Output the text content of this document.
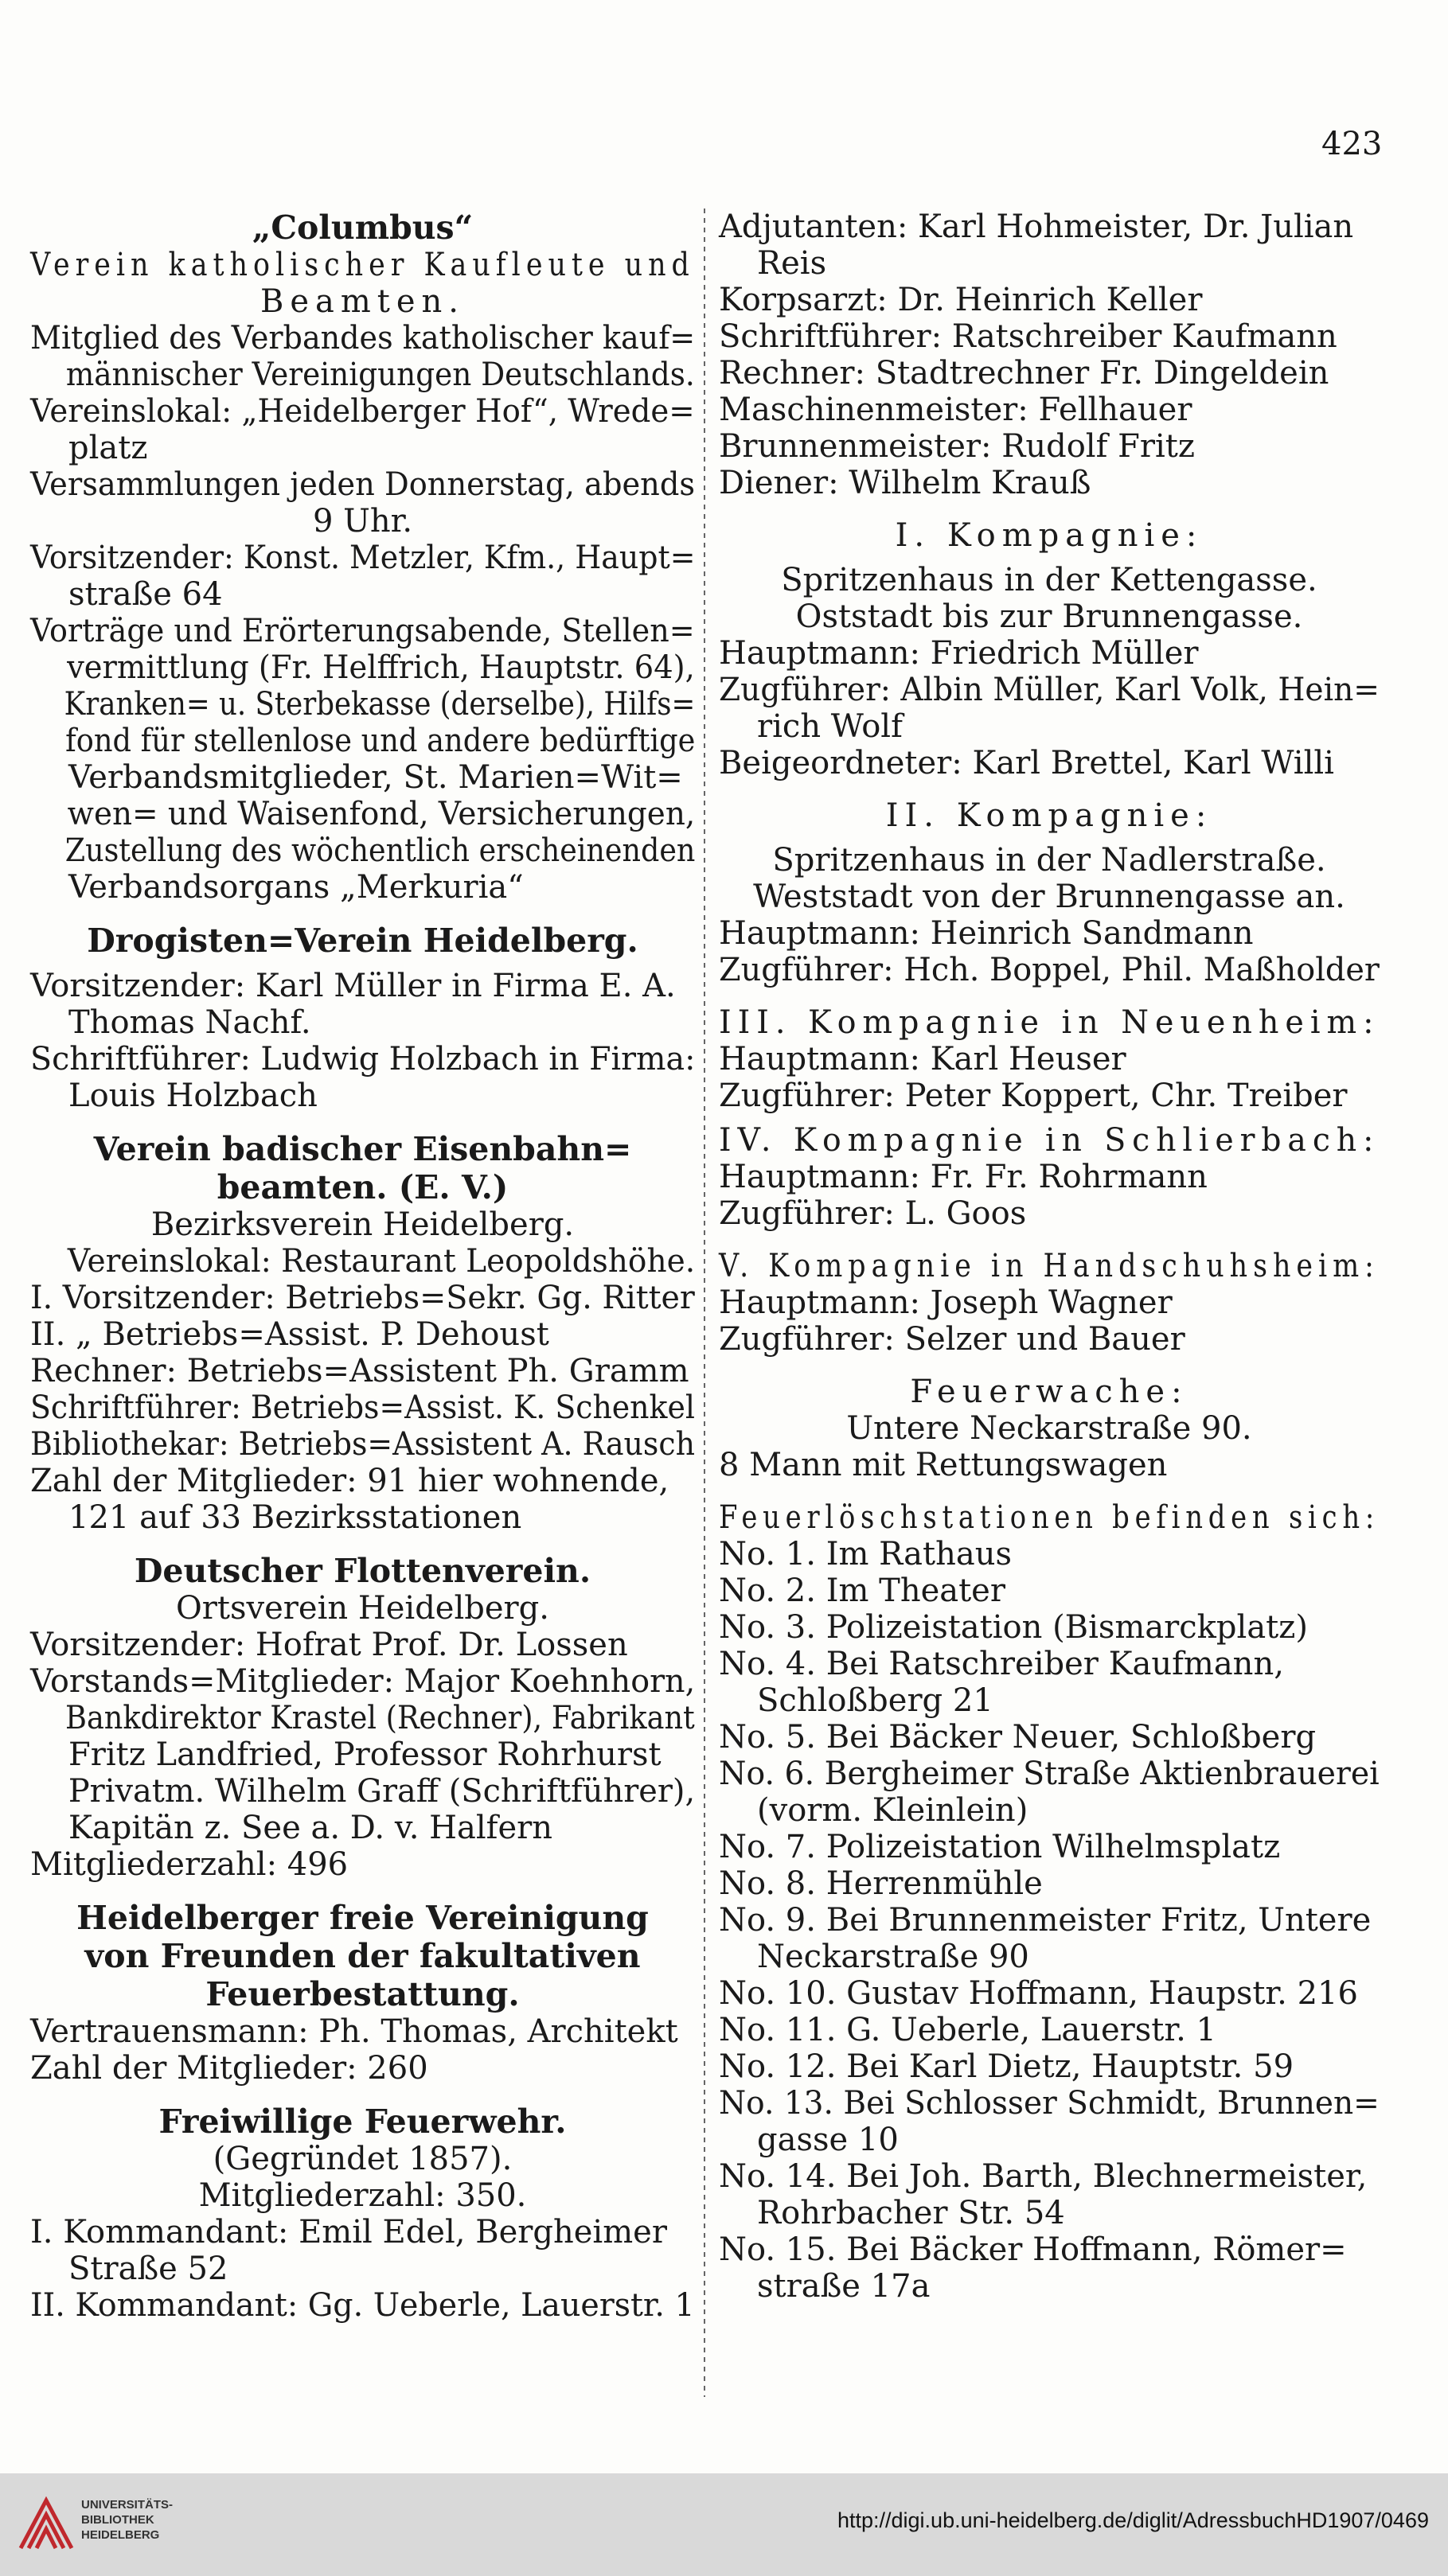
423
„Columbus“
Verein katholischer Kaufleute und
Beamten.
Mitglied des Verbandes katholischer kauf=
männischer Vereinigungen Deutschlands.
Vereinslokal: „Heidelberger Hof“, Wrede=
platz
Versammlungen jeden Donnerstag, abends
9 Uhr.
Vorsitzender: Konst. Metzler, Kfm., Haupt=
straße 64
Vorträge und Erörterungsabende, Stellen=
vermittlung (Fr. Helffrich, Hauptstr. 64),
Kranken= u. Sterbekasse (derselbe), Hilfs=
fond für stellenlose und andere bedürftige
Verbandsmitglieder, St. Marien=Wit=
wen= und Waisenfond, Versicherungen,
Zustellung des wöchentlich erscheinenden
Verbandsorgans „Merkuria“
Drogisten=Verein Heidelberg.
Vorsitzender: Karl Müller in Firma E. A.
Thomas Nachf.
Schriftführer: Ludwig Holzbach in Firma:
Louis Holzbach
Verein badischer Eisenbahn=
beamten. (E. V.)
Bezirksverein Heidelberg.
Vereinslokal: Restaurant Leopoldshöhe.
I. Vorsitzender: Betriebs=Sekr. Gg. Ritter
II. „ Betriebs=Assist. P. Dehoust
Rechner: Betriebs=Assistent Ph. Gramm
Schriftführer: Betriebs=Assist. K. Schenkel
Bibliothekar: Betriebs=Assistent A. Rausch
Zahl der Mitglieder: 91 hier wohnende,
121 auf 33 Bezirksstationen
Deutscher Flottenverein.
Ortsverein Heidelberg.
Vorsitzender: Hofrat Prof. Dr. Lossen
Vorstands=Mitglieder: Major Koehnhorn,
Bankdirektor Krastel (Rechner), Fabrikant
Fritz Landfried, Professor Rohrhurst
Privatm. Wilhelm Graff (Schriftführer),
Kapitän z. See a. D. v. Halfern
Mitgliederzahl: 496
Heidelberger freie Vereinigung
von Freunden der fakultativen
Feuerbestattung.
Vertrauensmann: Ph. Thomas, Architekt
Zahl der Mitglieder: 260
Freiwillige Feuerwehr.
(Gegründet 1857).
Mitgliederzahl: 350.
I. Kommandant: Emil Edel, Bergheimer
Straße 52
II. Kommandant: Gg. Ueberle, Lauerstr. 1
Adjutanten: Karl Hohmeister, Dr. Julian
Reis
Korpsarzt: Dr. Heinrich Keller
Schriftführer: Ratschreiber Kaufmann
Rechner: Stadtrechner Fr. Dingeldein
Maschinenmeister: Fellhauer
Brunnenmeister: Rudolf Fritz
Diener: Wilhelm Krauß
I. Kompagnie:
Spritzenhaus in der Kettengasse.
Oststadt bis zur Brunnengasse.
Hauptmann: Friedrich Müller
Zugführer: Albin Müller, Karl Volk, Hein=
rich Wolf
Beigeordneter: Karl Brettel, Karl Willi
II. Kompagnie:
Spritzenhaus in der Nadlerstraße.
Weststadt von der Brunnengasse an.
Hauptmann: Heinrich Sandmann
Zugführer: Hch. Boppel, Phil. Maßholder
III. Kompagnie in Neuenheim:
Hauptmann: Karl Heuser
Zugführer: Peter Koppert, Chr. Treiber
IV. Kompagnie in Schlierbach:
Hauptmann: Fr. Fr. Rohrmann
Zugführer: L. Goos
V. Kompagnie in Handschuhsheim:
Hauptmann: Joseph Wagner
Zugführer: Selzer und Bauer
Feuerwache:
Untere Neckarstraße 90.
8 Mann mit Rettungswagen
Feuerlöschstationen befinden sich:
No. 1. Im Rathaus
No. 2. Im Theater
No. 3. Polizeistation (Bismarckplatz)
No. 4. Bei Ratschreiber Kaufmann,
Schloßberg 21
No. 5. Bei Bäcker Neuer, Schloßberg
No. 6. Bergheimer Straße Aktienbrauerei
(vorm. Kleinlein)
No. 7. Polizeistation Wilhelmsplatz
No. 8. Herrenmühle
No. 9. Bei Brunnenmeister Fritz, Untere
Neckarstraße 90
No. 10. Gustav Hoffmann, Haupstr. 216
No. 11. G. Ueberle, Lauerstr. 1
No. 12. Bei Karl Dietz, Hauptstr. 59
No. 13. Bei Schlosser Schmidt, Brunnen=
gasse 10
No. 14. Bei Joh. Barth, Blechnermeister,
Rohrbacher Str. 54
No. 15. Bei Bäcker Hoffmann, Römer=
straße 17a
UNIVERSITÄTS-
BIBLIOTHEK
HEIDELBERG
http://digi.ub.uni-heidelberg.de/diglit/AdressbuchHD1907/0469
